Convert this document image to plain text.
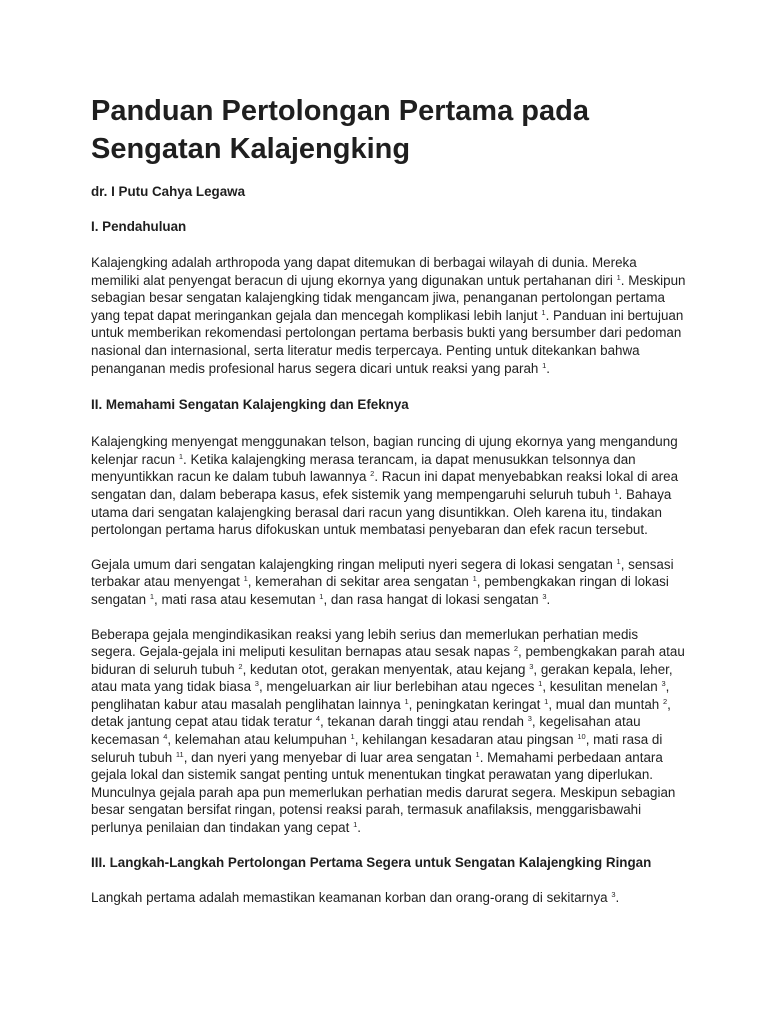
Panduan Pertolongan Pertama pada Sengatan Kalajengking
dr. I Putu Cahya Legawa
I. Pendahuluan

Kalajengking adalah arthropoda yang dapat ditemukan di berbagai wilayah di dunia. Mereka memiliki alat penyengat beracun di ujung ekornya yang digunakan untuk pertahanan diri $^1$. Meskipun sebagian besar sengatan kalajengking tidak mengancam jiwa, penanganan pertolongan pertama yang tepat dapat meringankan gejala dan mencegah komplikasi lebih lanjut $^1$. Panduan ini bertujuan untuk memberikan rekomendasi pertolongan pertama berbasis bukti yang bersumber dari pedoman nasional dan internasional, serta literatur medis terpercaya. Penting untuk ditekankan bahwa penanganan medis profesional harus segera dicari untuk reaksi yang parah $^1$.

II. Memahami Sengatan Kalajengking dan Efeknya

Kalajengking menyengat menggunakan telson, bagian runcing di ujung ekornya yang mengandung kelenjar racun $^1$. Ketika kalajengking merasa terancam, ia dapat menusukkan telsonnya dan menyuntikkan racun ke dalam tubuh lawannya $^2$. Racun ini dapat menyebabkan reaksi lokal di area sengatan dan, dalam beberapa kasus, efek sistemik yang mempengaruhi seluruh tubuh $^1$. Bahaya utama dari sengatan kalajengking berasal dari racun yang disuntikkan. Oleh karena itu, tindakan pertolongan pertama harus difokuskan untuk membatasi penyebaran dan efek racun tersebut.

Gejala umum dari sengatan kalajengking ringan meliputi nyeri segera di lokasi sengatan $^1$, sensasi terbakar atau menyengat $^1$, kemerahan di sekitar area sengatan $^1$, pembengkakan ringan di lokasi sengatan $^1$, mati rasa atau kesemutan $^1$, dan rasa hangat di lokasi sengatan $^3$.

Beberapa gejala mengindikasikan reaksi yang lebih serius dan memerlukan perhatian medis segera. Gejala-gejala ini meliputi kesulitan bernapas atau sesak napas $^2$, pembengkakan parah atau biduran di seluruh tubuh $^2$, kedutan otot, gerakan menyentak, atau kejang $^3$, gerakan kepala, leher, atau mata yang tidak biasa $^3$, mengeluarkan air liur berlebihan atau ngeces $^1$, kesulitan menelan $^3$, penglihatan kabur atau masalah penglihatan lainnya $^1$, peningkatan keringat $^1$, mual dan muntah $^2$, detak jantung cepat atau tidak teratur $^4$, tekanan darah tinggi atau rendah $^3$, kegelisahan atau kecemasan $^4$, kelemahan atau kelumpuhan $^1$, kehilangan kesadaran atau pingsan $^{10}$, mati rasa di seluruh tubuh $^{11}$, dan nyeri yang menyebar di luar area sengatan $^1$. Memahami perbedaan antara gejala lokal dan sistemik sangat penting untuk menentukan tingkat perawatan yang diperlukan. Munculnya gejala parah apa pun memerlukan perhatian medis darurat segera. Meskipun sebagian besar sengatan bersifat ringan, potensi reaksi parah, termasuk anafilaksis, menggarisbawahi perlunya penilaian dan tindakan yang cepat $^1$.

III. Langkah-Langkah Pertolongan Pertama Segera untuk Sengatan Kalajengking Ringan

Langkah pertama adalah memastikan keamanan korban dan orang-orang di sekitarnya $^3$.
